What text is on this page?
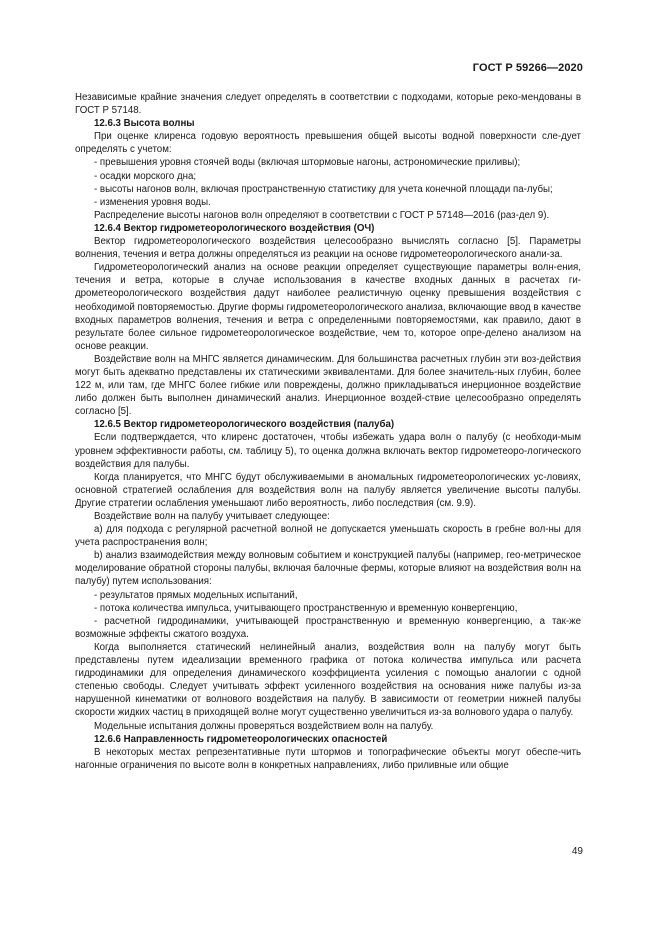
ГОСТ Р 59266—2020

Независимые крайние значения следует определять в соответствии с подходами, которые реко-мендованы в ГОСТ Р 57148.

12.6.3 Высота волны

При оценке клиренса годовую вероятность превышения общей высоты водной поверхности сле-дует определять с учетом:

- превышения уровня стоячей воды (включая штормовые нагоны, астрономические приливы);

- осадки морского дна;

- высоты нагонов волн, включая пространственную статистику для учета конечной площади па-лубы;

- изменения уровня воды.

Распределение высоты нагонов волн определяют в соответствии с ГОСТ Р 57148—2016 (раз-дел 9).

12.6.4 Вектор гидрометеорологического воздействия (ОЧ)

Вектор гидрометеорологического воздействия целесообразно вычислять согласно [5]. Параметры волнения, течения и ветра должны определяться из реакции на основе гидрометеорологического анали-за.

Гидрометеорологический анализ на основе реакции определяет существующие параметры волн-ения, течения и ветра, которые в случае использования в качестве входных данных в расчетах ги-дрометеорологического воздействия дадут наиболее реалистичную оценку превышения воздействия с необходимой повторяемостью. Другие формы гидрометеорологического анализа, включающие ввод в качестве входных параметров волнения, течения и ветра с определенными повторяемостями, как правило, дают в результате более сильное гидрометеорологическое воздействие, чем то, которое опре-делено анализом на основе реакции.

Воздействие волн на МНГС является динамическим. Для большинства расчетных глубин эти воз-действия могут быть адекватно представлены их статическими эквивалентами. Для более значитель-ных глубин, более 122 м, или там, где МНГС более гибкие или повреждены, должно прикладываться инерционное воздействие либо должен быть выполнен динамический анализ. Инерционное воздей-ствие целесообразно определять согласно [5].

12.6.5 Вектор гидрометеорологического воздействия (палуба)

Если подтверждается, что клиренс достаточен, чтобы избежать удара волн о палубу (с необходи-мым уровнем эффективности работы, см. таблицу 5), то оценка должна включать вектор гидрометеоро-логического воздействия для палубы.

Когда планируется, что МНГС будут обслуживаемыми в аномальных гидрометеорологических ус-ловиях, основной стратегией ослабления для воздействия волн на палубу является увеличение высоты палубы. Другие стратегии ослабления уменьшают либо вероятность, либо последствия (см. 9.9).

Воздействие волн на палубу учитывает следующее:

а) для подхода с регулярной расчетной волной не допускается уменьшать скорость в гребне вол-ны для учета распространения волн;

b) анализ взаимодействия между волновым событием и конструкцией палубы (например, гео-метрическое моделирование обратной стороны палубы, включая балочные фермы, которые влияют на воздействия волн на палубу) путем использования:

- результатов прямых модельных испытаний,

- потока количества импульса, учитывающего пространственную и временную конвергенцию,

- расчетной гидродинамики, учитывающей пространственную и временную конвергенцию, а так-же возможные эффекты сжатого воздуха.

Когда выполняется статический нелинейный анализ, воздействия волн на палубу могут быть представлены путем идеализации временного графика от потока количества импульса или расчета гидродинамики для определения динамического коэффициента усиления с помощью аналогии с одной степенью свободы. Следует учитывать эффект усиленного воздействия на основания ниже палубы из-за нарушенной кинематики от волнового воздействия на палубу. В зависимости от геометрии нижней палубы скорости жидких частиц в приходящей волне могут существенно увеличиться из-за волнового удара о палубу.

Модельные испытания должны проверяться воздействием волн на палубу.

12.6.6 Направленность гидрометеорологических опасностей

В некоторых местах репрезентативные пути штормов и топографические объекты могут обеспе-чить нагонные ограничения по высоте волн в конкретных направлениях, либо приливные или общие

49
